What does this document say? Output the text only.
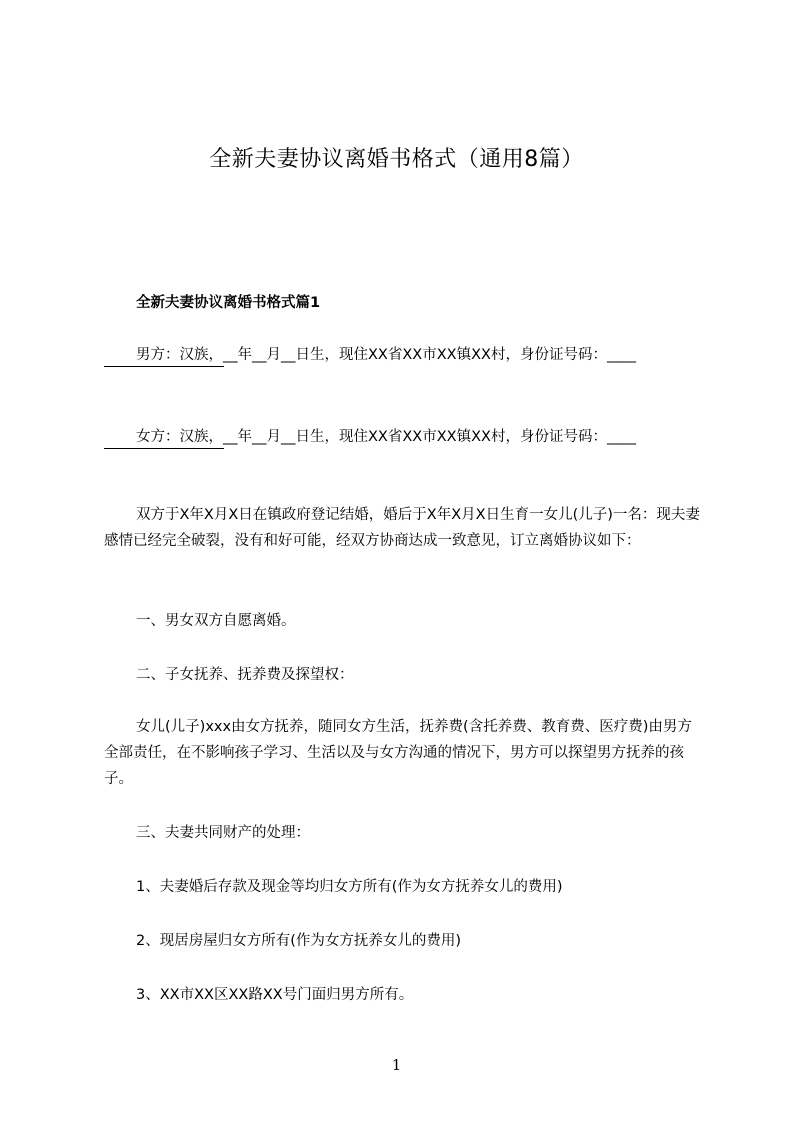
全新夫妻协议离婚书格式（通用8篇）
全新夫妻协议离婚书格式篇1
男方：汉族，__年__月__日生，现住XX省XX市XX镇XX村，身份证号码：____
女方：汉族，__年__月__日生，现住XX省XX市XX镇XX村，身份证号码：____
双方于X年X月X日在镇政府登记结婚，婚后于X年X月X日生育一女儿(儿子)一名：现夫妻感情已经完全破裂，没有和好可能，经双方协商达成一致意见，订立离婚协议如下：
一、男女双方自愿离婚。
二、子女抚养、抚养费及探望权：
女儿(儿子)xxx由女方抚养，随同女方生活，抚养费(含托养费、教育费、医疗费)由男方全部责任，在不影响孩子学习、生活以及与女方沟通的情况下，男方可以探望男方抚养的孩子。
三、夫妻共同财产的处理：
1、夫妻婚后存款及现金等均归女方所有(作为女方抚养女儿的费用)
2、现居房屋归女方所有(作为女方抚养女儿的费用)
3、XX市XX区XX路XX号门面归男方所有。
1
